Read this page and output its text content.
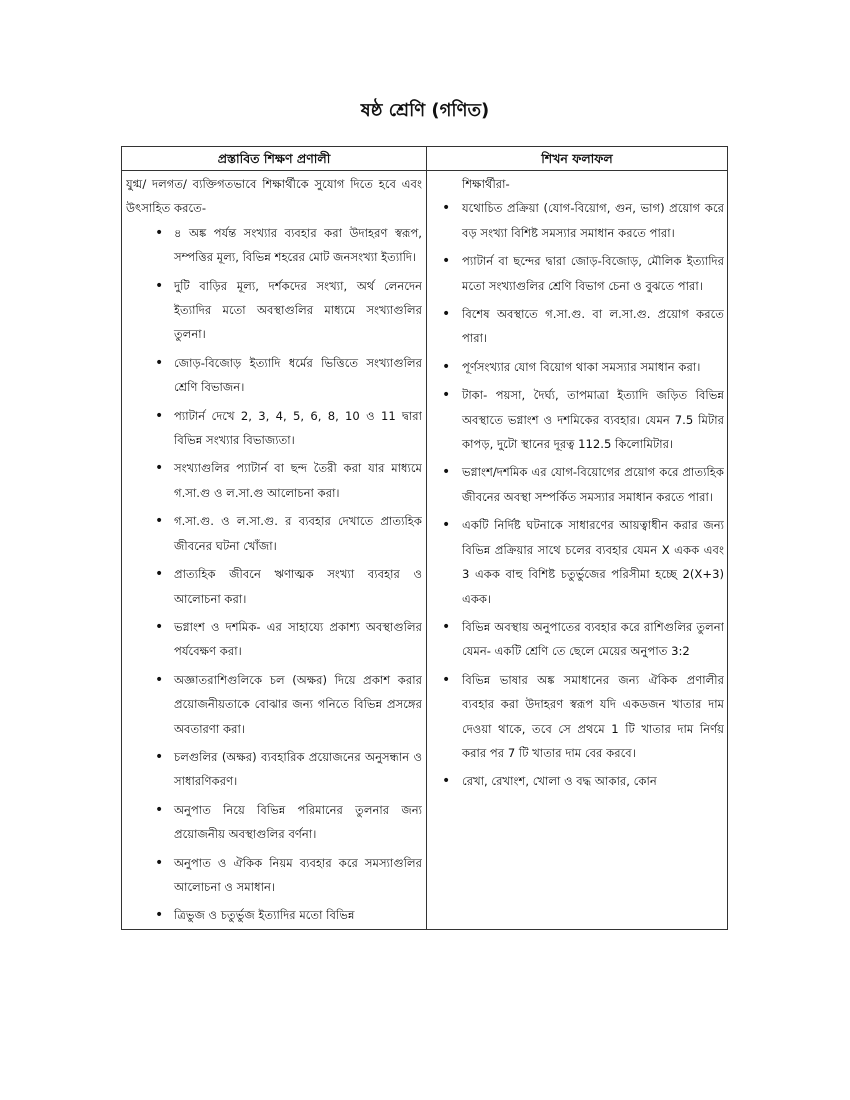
ষষ্ঠ শ্রেণি (গণিত)
প্রস্তাবিত শিক্ষণ প্রণালী	শিখন ফলাফল

যুগ্ম/ দলগত/ ব্যক্তিগতভাবে শিক্ষার্থীকে সুযোগ দিতে হবে এবং উৎসাহিত করতে-

• ৪ অঙ্ক পর্যন্ত সংখ্যার ব্যবহার করা উদাহরণ স্বরূপ, সম্পত্তির মূল্য, বিভিন্ন শহরের মোট জনসংখ্যা ইত্যাদি।
• দুটি বাড়ির মূল্য, দর্শকদের সংখ্যা, অর্থ লেনদেন ইত্যাদির মতো অবস্থাগুলির মাধ্যমে সংখ্যাগুলির তুলনা।
• জোড়-বিজোড় ইত্যাদি ধর্মের ভিত্তিতে সংখ্যাগুলির শ্রেণি বিভাজন।
• প্যাটার্ন দেখে 2, 3, 4, 5, 6, 8, 10 ও 11 দ্বারা বিভিন্ন সংখ্যার বিভাজ্যতা।
• সংখ্যাগুলির প্যাটার্ন বা ছন্দ তৈরী করা যার মাধ্যমে গ.সা.গু ও ল.সা.গু আলোচনা করা।
• গ.সা.গু. ও ল.সা.গু. র ব্যবহার দেখাতে প্রাত্যহিক জীবনের ঘটনা খোঁজা।
• প্রাত্যহিক জীবনে ঋণাত্মক সংখ্যা ব্যবহার ও আলোচনা করা।
• ভগ্নাংশ ও দশমিক- এর সাহায্যে প্রকাশ্য অবস্থাগুলির পর্যবেক্ষণ করা।
• অজ্ঞাতরাশিগুলিকে চল (অক্ষর) দিয়ে প্রকাশ করার প্রয়োজনীয়তাকে বোঝার জন্য গনিতে বিভিন্ন প্রসঙ্গের অবতারণা করা।
• চলগুলির (অক্ষর) ব্যবহারিক প্রয়োজনের অনুসন্ধান ও সাধারণিকরণ।
• অনুপাত নিয়ে বিভিন্ন পরিমানের তুলনার জন্য প্রয়োজনীয় অবস্থাগুলির বর্ণনা।
• অনুপাত ও ঐকিক নিয়ম ব্যবহার করে সমস্যাগুলির আলোচনা ও সমাধান।
• ত্রিভুজ ও চতুর্ভুজ ইত্যাদির মতো বিভিন্ন

শিক্ষার্থীরা-

• যথোচিত প্রক্রিয়া (যোগ-বিয়োগ, গুন, ভাগ) প্রয়োগ করে বড় সংখ্যা বিশিষ্ট সমস্যার সমাধান করতে পারা।
• প্যাটার্ন বা ছন্দের দ্বারা জোড়-বিজোড়, মৌলিক ইত্যাদির মতো সংখ্যাগুলির শ্রেণি বিভাগ চেনা ও বুঝতে পারা।
• বিশেষ অবস্থাতে গ.সা.গু. বা ল.সা.গু. প্রয়োগ করতে পারা।
• পূর্ণসংখ্যার যোগ বিয়োগ থাকা সমস্যার সমাধান করা।
• টাকা- পয়সা, দৈর্ঘ্য, তাপমাত্রা ইত্যাদি জড়িত বিভিন্ন অবস্থাতে ভগ্নাংশ ও দশমিকের ব্যবহার। যেমন 7.5 মিটার কাপড়, দুটো স্থানের দূরত্ব 112.5 কিলোমিটার।
• ভগ্নাংশ/দশমিক এর যোগ-বিয়োগের প্রয়োগ করে প্রাত্যহিক জীবনের অবস্থা সম্পর্কিত সমস্যার সমাধান করতে পারা।
• একটি নির্দিষ্ট ঘটনাকে সাধারণের আয়ত্বাধীন করার জন্য বিভিন্ন প্রক্রিয়ার সাথে চলের ব্যবহার যেমন X একক এবং 3 একক বাহু বিশিষ্ট চতুর্ভুজের পরিসীমা হচ্ছে 2(X+3) একক।
• বিভিন্ন অবস্থায় অনুপাতের ব্যবহার করে রাশিগুলির তুলনা যেমন- একটি শ্রেণি তে ছেলে মেয়ের অনুপাত 3:2
• বিভিন্ন ভাষার অঙ্ক সমাধানের জন্য ঐকিক প্রণালীর ব্যবহার করা উদাহরণ স্বরূপ যদি একডজন খাতার দাম দেওয়া থাকে, তবে সে প্রথমে 1 টি খাতার দাম নির্ণয় করার পর 7 টি খাতার দাম বের করবে।
• রেখা, রেখাংশ, খোলা ও বদ্ধ আকার, কোন
